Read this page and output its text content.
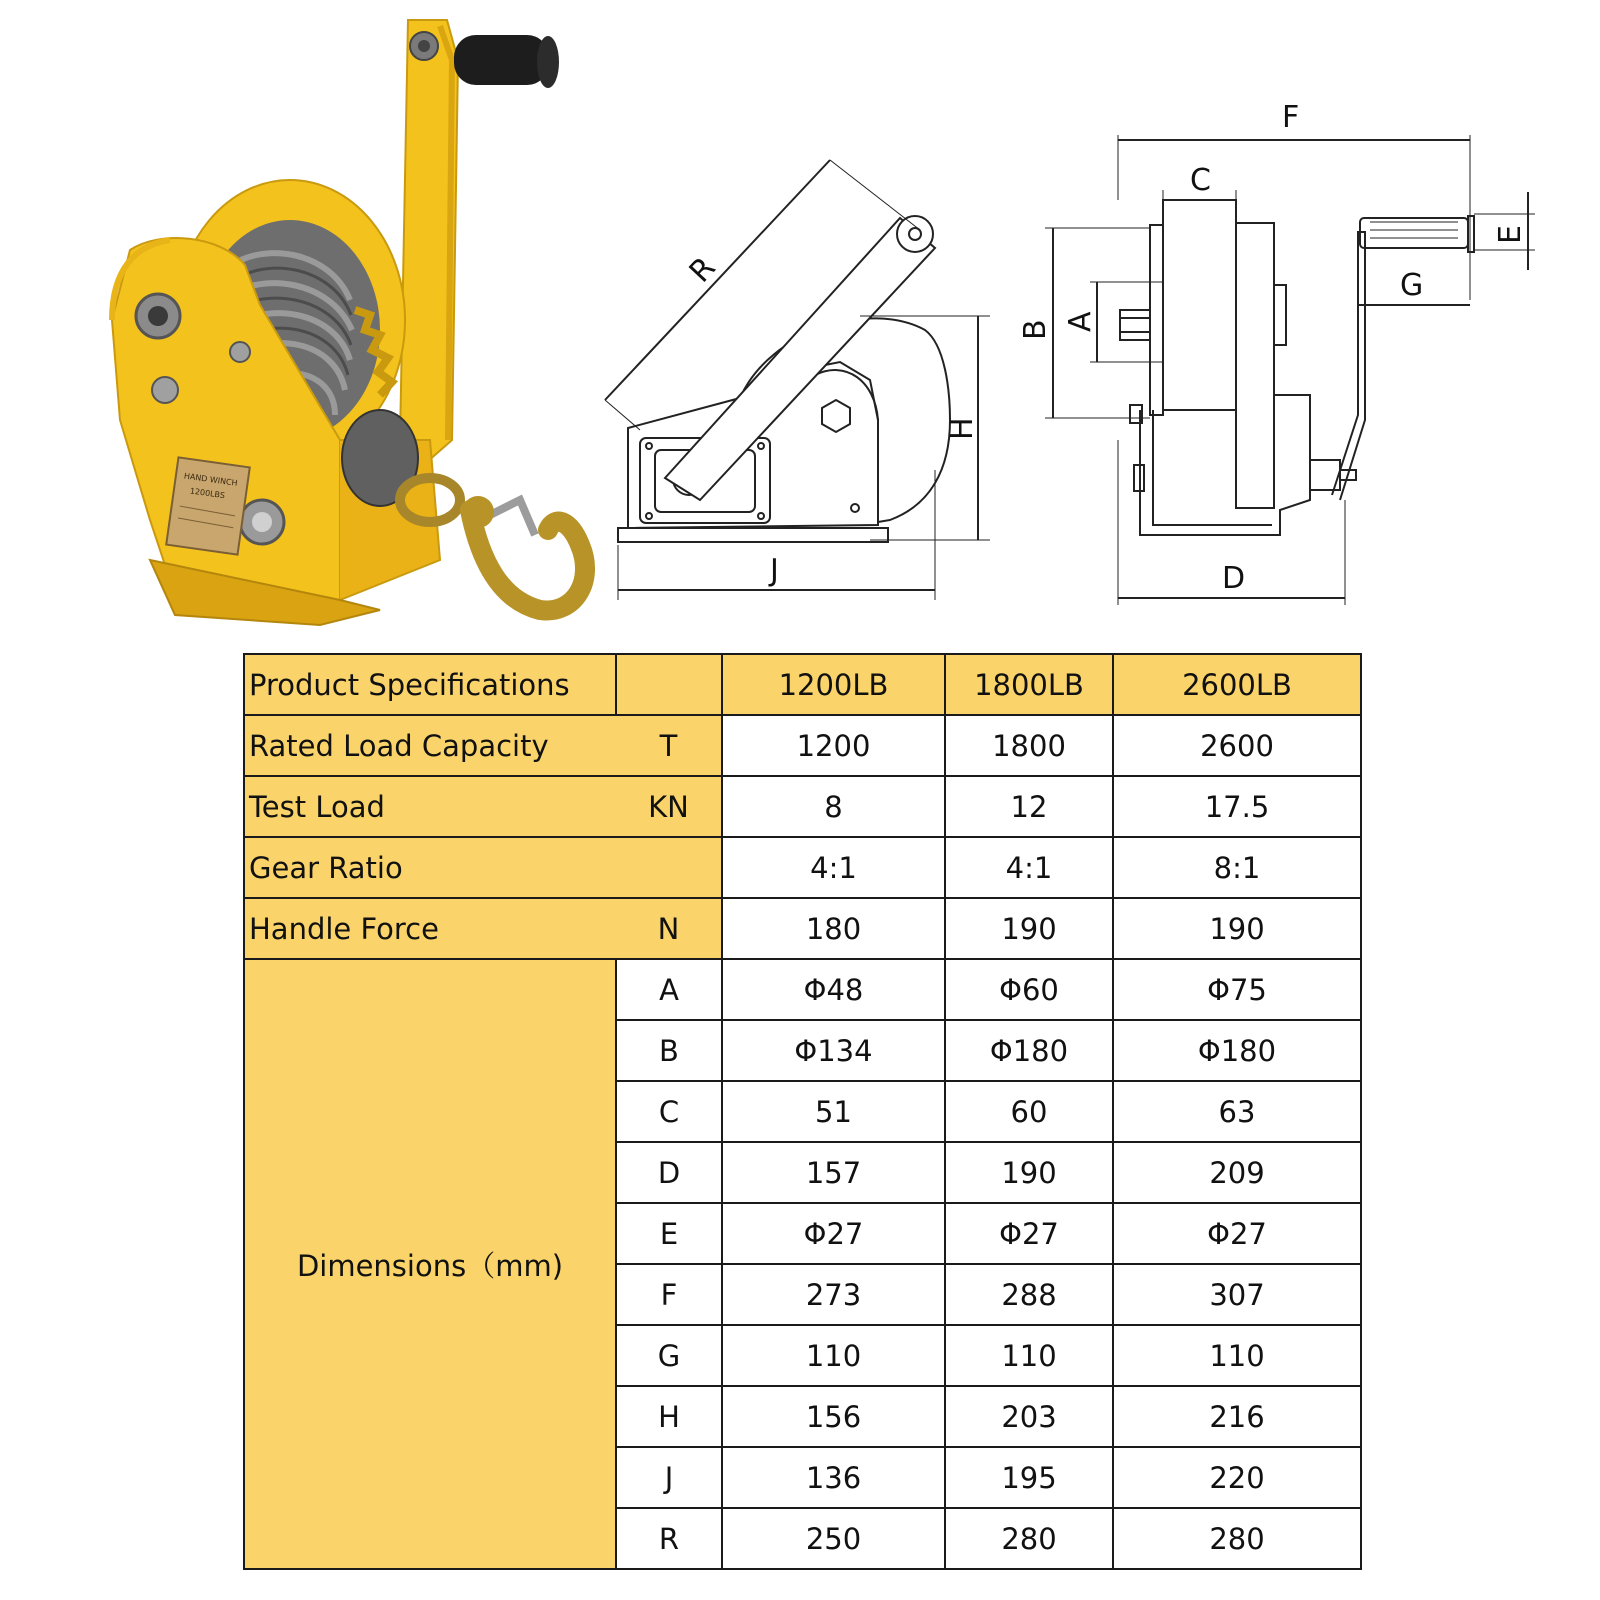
HAND WINCH
1200LBS
R
H
J
F
C
B A
E
G
D
Product Specifications		1200LB	1800LB	2600LB
Rated Load Capacity	T	1200	1800	2600
Test Load	KN	8	12	17.5
Gear Ratio		4:1	4:1	8:1
Handle Force	N	180	190	190
Dimensions（mm)	A	Φ48	Φ60	Φ75
	B	Φ134	Φ180	Φ180
	C	51	60	63
	D	157	190	209
	E	Φ27	Φ27	Φ27
	F	273	288	307
	G	110	110	110
	H	156	203	216
	J	136	195	220
	R	250	280	280
